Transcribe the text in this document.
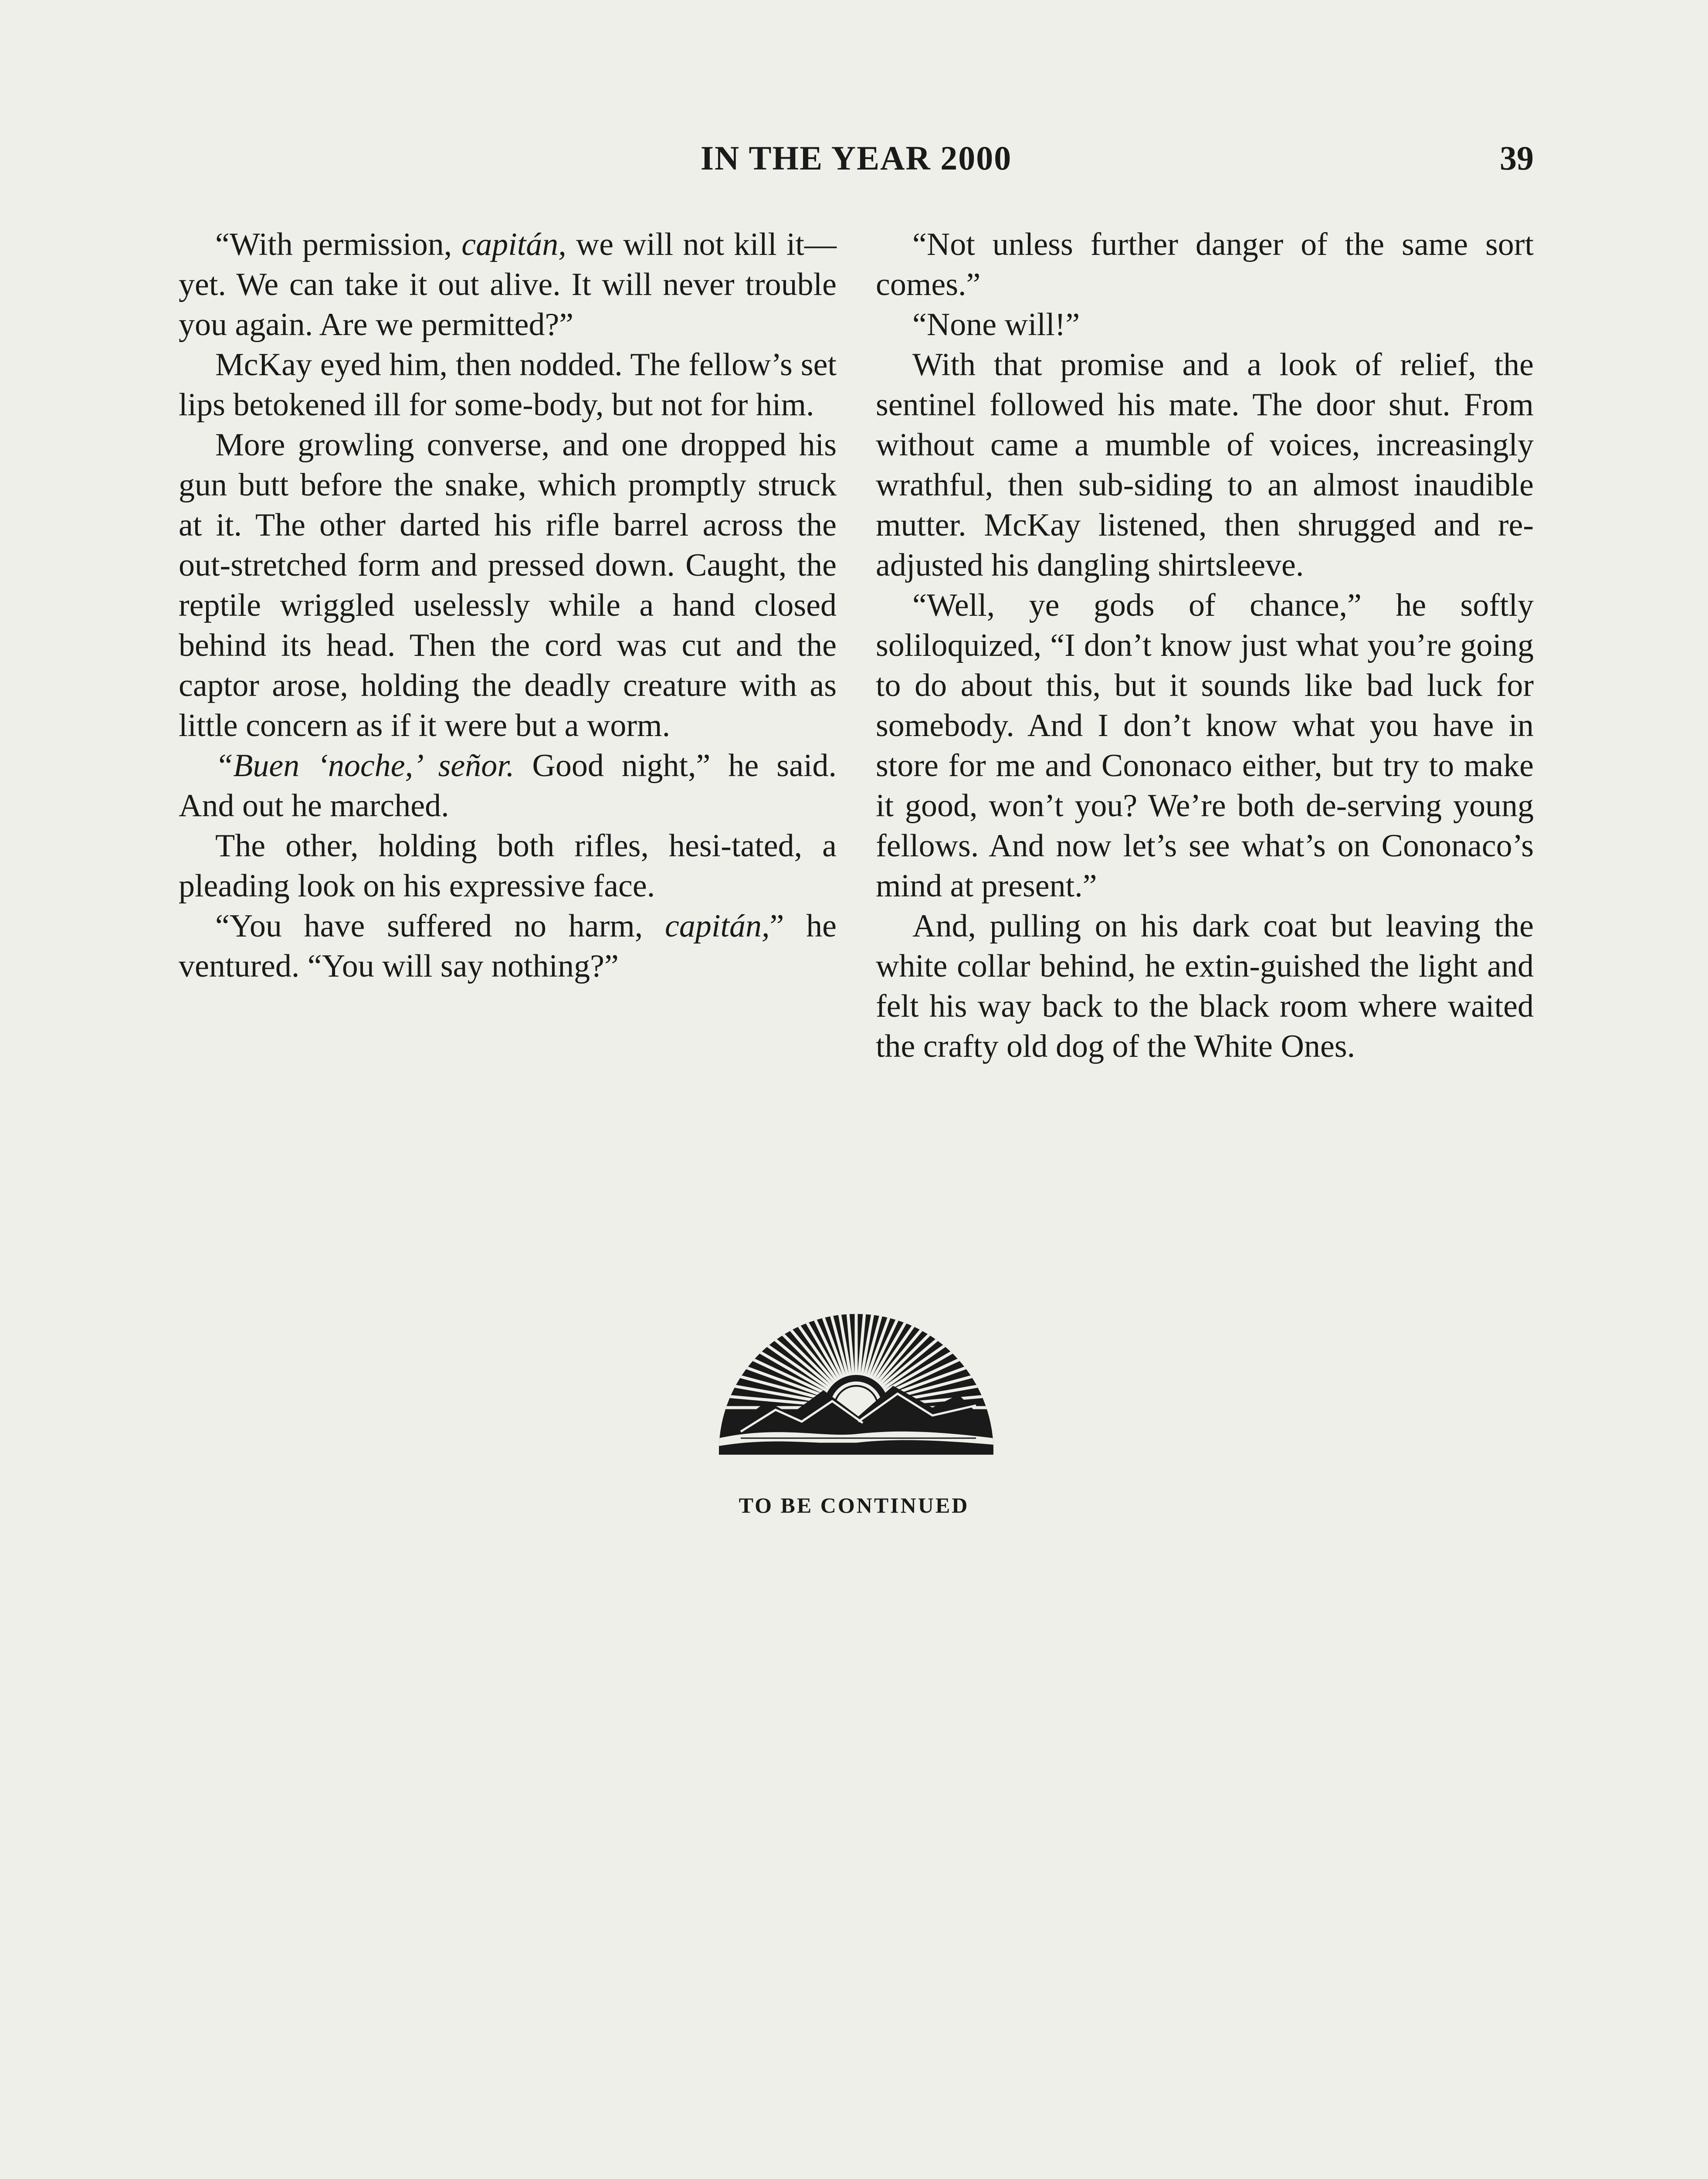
IN THE YEAR 2000	39

“With permission, capitán, we will not kill it—yet. We can take it out alive. It will never trouble you again. Are we permitted?”

McKay eyed him, then nodded. The fellow’s set lips betokened ill for some-body, but not for him.

More growling converse, and one dropped his gun butt before the snake, which promptly struck at it. The other darted his rifle barrel across the out-stretched form and pressed down. Caught, the reptile wriggled uselessly while a hand closed behind its head. Then the cord was cut and the captor arose, holding the deadly creature with as little concern as if it were but a worm.

“Buen ‘noche,’ señor. Good night,” he said. And out he marched.

The other, holding both rifles, hesi-tated, a pleading look on his expressive face.

“You have suffered no harm, capitán,” he ventured. “You will say nothing?”

“Not unless further danger of the same sort comes.”

“None will!”

With that promise and a look of relief, the sentinel followed his mate. The door shut. From without came a mumble of voices, increasingly wrathful, then sub-siding to an almost inaudible mutter. McKay listened, then shrugged and re-adjusted his dangling shirtsleeve.

“Well, ye gods of chance,” he softly soliloquized, “I don’t know just what you’re going to do about this, but it sounds like bad luck for somebody. And I don’t know what you have in store for me and Cononaco either, but try to make it good, won’t you? We’re both de-serving young fellows. And now let’s see what’s on Cononaco’s mind at present.”

And, pulling on his dark coat but leaving the white collar behind, he extin-guished the light and felt his way back to the black room where waited the crafty old dog of the White Ones.

TO BE CONTINUED
